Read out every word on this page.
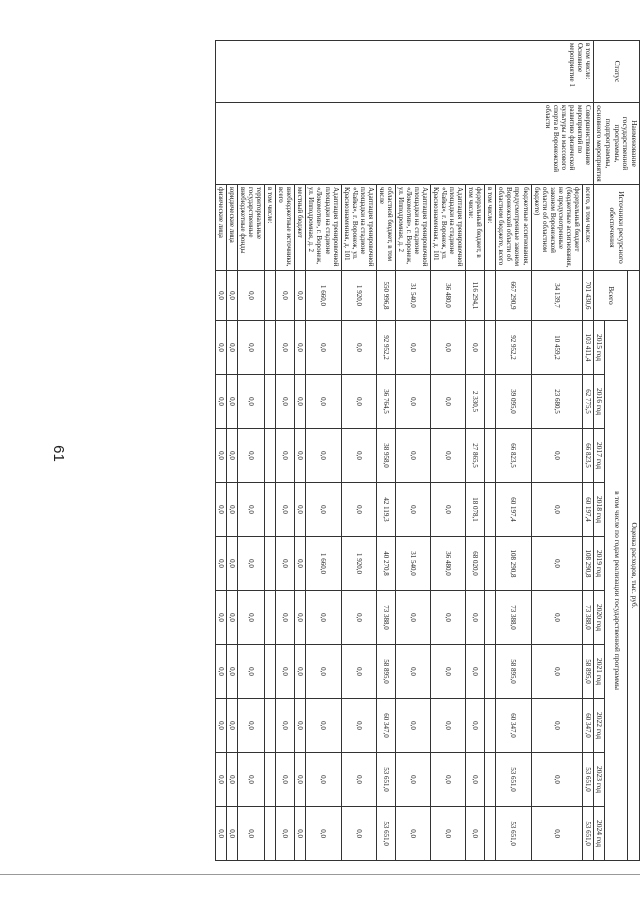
61
Статус	Наименование государственной программы, подпрограммы, основного мероприятия	Источники ресурсного обеспечения	Оценка расходов, тыс. руб.										
			Всего	в том числе по годам реализации государственной программы									
				2015 год	2016 год	2017 год	2018 год	2019 год	2020 год	2021 год	2022 год	2023 год	2024 год

в том числе:
Основное мероприятие 1	Совершенствование мероприятий по развитию физической культуры и массового спорта в Воронежской области	всего, в том числе:	701 430,6	103 411,4	62 775,5	66 823,5	60 197,4	108 290,8	73 388,0	58 895,0	60 347,0	53 651,0	53 651,0
		федеральный бюджет (бюджетные ассигнования, не предусмотренные законом Воронежской области об областном бюджете)	34 139,7	10 459,2	23 680,5	0,0	0,0	0,0	0,0	0,0	0,0	0,0	0,0
		бюджетные ассигнования, предусмотренные законом Воронежской области об областном бюджете, всего	667 290,9	92 952,2	39 095,0	66 823,5	60 197,4	108 290,8	73 388,0	58 895,0	60 347,0	53 651,0	53 651,0
		в том числе:											
		федеральный бюджет, в том числе:	116 294,1	0,0	2 330,5	27 865,5	18 078,1	68 020,0	0,0	0,0	0,0	0,0	0,0
		Адаптация тренировочной площадки на стадионе «Чайка», г. Воронеж, ул. Краснознаменная, д. 101	36 480,0	0,0	0,0	0,0	0,0	36 480,0	0,0	0,0	0,0	0,0	0,0
		Адаптация тренировочной площадки на стадионе «Локомотив», г. Воронеж, ул. Ипподромная, д. 2	31 540,0	0,0	0,0	0,0	0,0	31 540,0	0,0	0,0	0,0	0,0	0,0
		областной бюджет, в том числе	550 996,8	92 952,2	36 764,5	38 958,0	42 119,3	40 270,8	73 388,0	58 895,0	60 347,0	53 651,0	53 651,0
		Адаптация тренировочной площадки на стадионе «Чайка», г. Воронеж, ул. Краснознаменная, д. 101	1 920,0	0,0	0,0	0,0	0,0	1 920,0	0,0	0,0	0,0	0,0	0,0
		Адаптация тренировочной площадки на стадионе «Локомотив», г. Воронеж, ул. Ипподромная, д. 2	1 660,0	0,0	0,0	0,0	0,0	1 660,0	0,0	0,0	0,0	0,0	0,0
		местный бюджет	0,0	0,0	0,0	0,0	0,0	0,0	0,0	0,0	0,0	0,0	0,0
		внебюджетные источники, всего	0,0	0,0	0,0	0,0	0,0	0,0	0,0	0,0	0,0	0,0	0,0
		в том числе:											
		территориальные государственные внебюджетные фонды	0,0	0,0	0,0	0,0	0,0	0,0	0,0	0,0	0,0	0,0	0,0
		юридические лица	0,0	0,0	0,0	0,0	0,0	0,0	0,0	0,0	0,0	0,0	0,0
		физические лица	0,0	0,0	0,0	0,0	0,0	0,0	0,0	0,0	0,0	0,0	0,0
